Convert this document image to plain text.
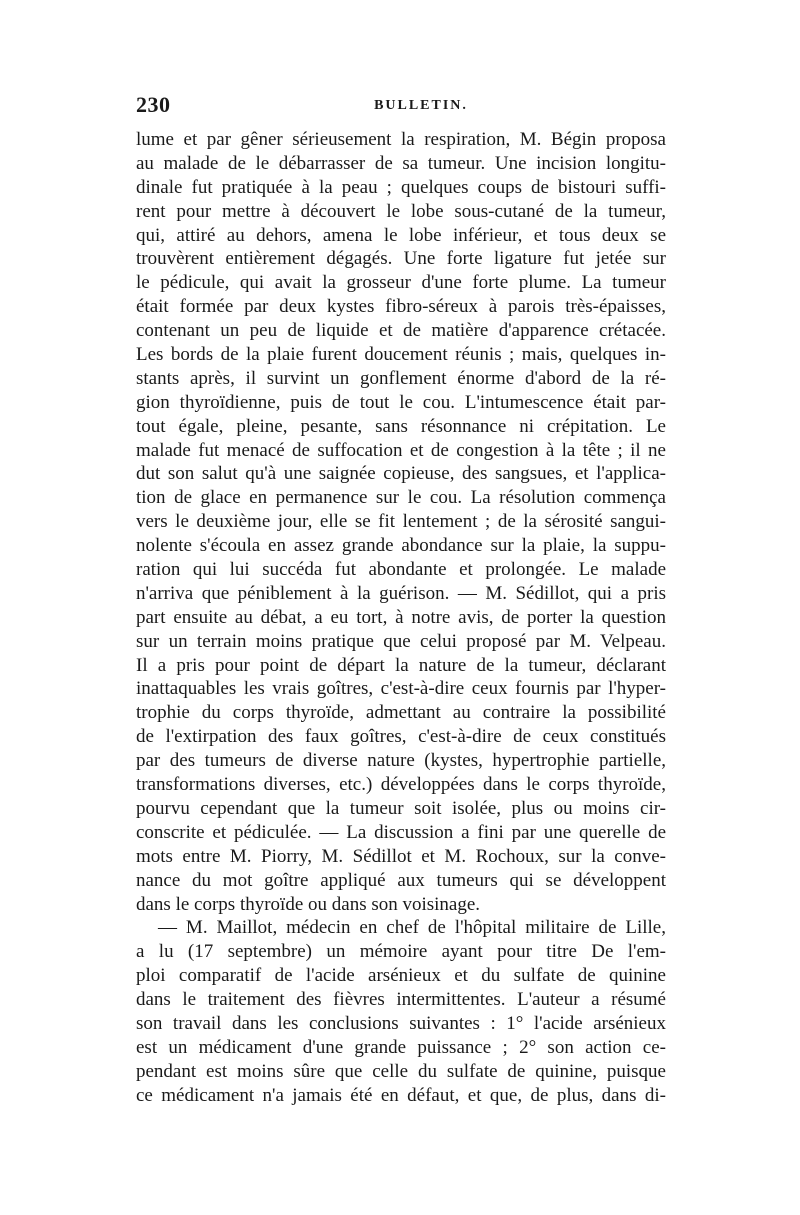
230	BULLETIN.
lume et par gêner sérieusement la respiration, M. Bégin proposa
au malade de le débarrasser de sa tumeur. Une incision longitu-
dinale fut pratiquée à la peau ; quelques coups de bistouri suffi-
rent pour mettre à découvert le lobe sous-cutané de la tumeur,
qui, attiré au dehors, amena le lobe inférieur, et tous deux se
trouvèrent entièrement dégagés. Une forte ligature fut jetée sur
le pédicule, qui avait la grosseur d'une forte plume. La tumeur
était formée par deux kystes fibro-séreux à parois très-épaisses,
contenant un peu de liquide et de matière d'apparence crétacée.
Les bords de la plaie furent doucement réunis ; mais, quelques in-
stants après, il survint un gonflement énorme d'abord de la ré-
gion thyroïdienne, puis de tout le cou. L'intumescence était par-
tout égale, pleine, pesante, sans résonnance ni crépitation. Le
malade fut menacé de suffocation et de congestion à la tête ; il ne
dut son salut qu'à une saignée copieuse, des sangsues, et l'applica-
tion de glace en permanence sur le cou. La résolution commença
vers le deuxième jour, elle se fit lentement ; de la sérosité sangui-
nolente s'écoula en assez grande abondance sur la plaie, la suppu-
ration qui lui succéda fut abondante et prolongée. Le malade
n'arriva que péniblement à la guérison. — M. Sédillot, qui a pris
part ensuite au débat, a eu tort, à notre avis, de porter la question
sur un terrain moins pratique que celui proposé par M. Velpeau.
Il a pris pour point de départ la nature de la tumeur, déclarant
inattaquables les vrais goîtres, c'est-à-dire ceux fournis par l'hyper-
trophie du corps thyroïde, admettant au contraire la possibilité
de l'extirpation des faux goîtres, c'est-à-dire de ceux constitués
par des tumeurs de diverse nature (kystes, hypertrophie partielle,
transformations diverses, etc.) développées dans le corps thyroïde,
pourvu cependant que la tumeur soit isolée, plus ou moins cir-
conscrite et pédiculée. — La discussion a fini par une querelle de
mots entre M. Piorry, M. Sédillot et M. Rochoux, sur la conve-
nance du mot goître appliqué aux tumeurs qui se développent
dans le corps thyroïde ou dans son voisinage.
— M. Maillot, médecin en chef de l'hôpital militaire de Lille,
a lu (17 septembre) un mémoire ayant pour titre De l'em-
ploi comparatif de l'acide arsénieux et du sulfate de quinine
dans le traitement des fièvres intermittentes. L'auteur a résumé
son travail dans les conclusions suivantes : 1° l'acide arsénieux
est un médicament d'une grande puissance ; 2° son action ce-
pendant est moins sûre que celle du sulfate de quinine, puisque
ce médicament n'a jamais été en défaut, et que, de plus, dans di-
